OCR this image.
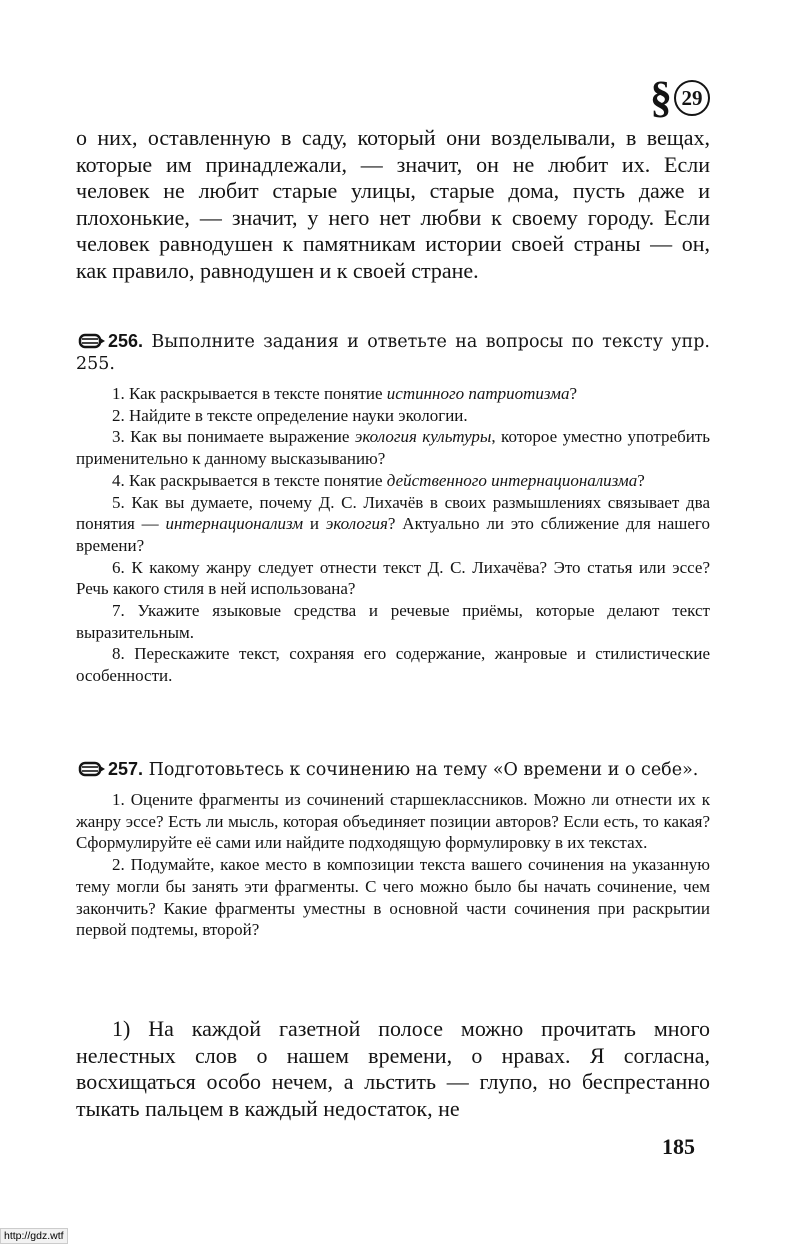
§ 29

о них, оставленную в саду, который они возделывали, в вещах, которые им принадлежали, — значит, он не любит их. Если человек не любит старые улицы, старые дома, пусть даже и плохонькие, — значит, у него нет любви к своему городу. Если человек равнодушен к памятникам истории своей страны — он, как правило, равнодушен и к своей стране.

256. Выполните задания и ответьте на вопросы по тексту упр. 255.

1. Как раскрывается в тексте понятие истинного патриотизма?

2. Найдите в тексте определение науки экологии.

3. Как вы понимаете выражение экология культуры, которое уместно употребить применительно к данному высказыванию?

4. Как раскрывается в тексте понятие действенного интернационализма?

5. Как вы думаете, почему Д. С. Лихачёв в своих размышлениях связывает два понятия — интернационализм и экология? Актуально ли это сближение для нашего времени?

6. К какому жанру следует отнести текст Д. С. Лихачёва? Это статья или эссе? Речь какого стиля в ней использована?

7. Укажите языковые средства и речевые приёмы, которые делают текст выразительным.

8. Перескажите текст, сохраняя его содержание, жанровые и стилистические особенности.

257. Подготовьтесь к сочинению на тему «О времени и о себе».

1. Оцените фрагменты из сочинений старшеклассников. Можно ли отнести их к жанру эссе? Есть ли мысль, которая объединяет позиции авторов? Если есть, то какая? Сформулируйте её сами или найдите подходящую формулировку в их текстах.

2. Подумайте, какое место в композиции текста вашего сочинения на указанную тему могли бы занять эти фрагменты. С чего можно было бы начать сочинение, чем закончить? Какие фрагменты уместны в основной части сочинения при раскрытии первой подтемы, второй?

1) На каждой газетной полосе можно прочитать много нелестных слов о нашем времени, о нравах. Я согласна, восхищаться особо нечем, а льстить — глупо, но беспрестанно тыкать пальцем в каждый недостаток, не

185
http://gdz.wtf
